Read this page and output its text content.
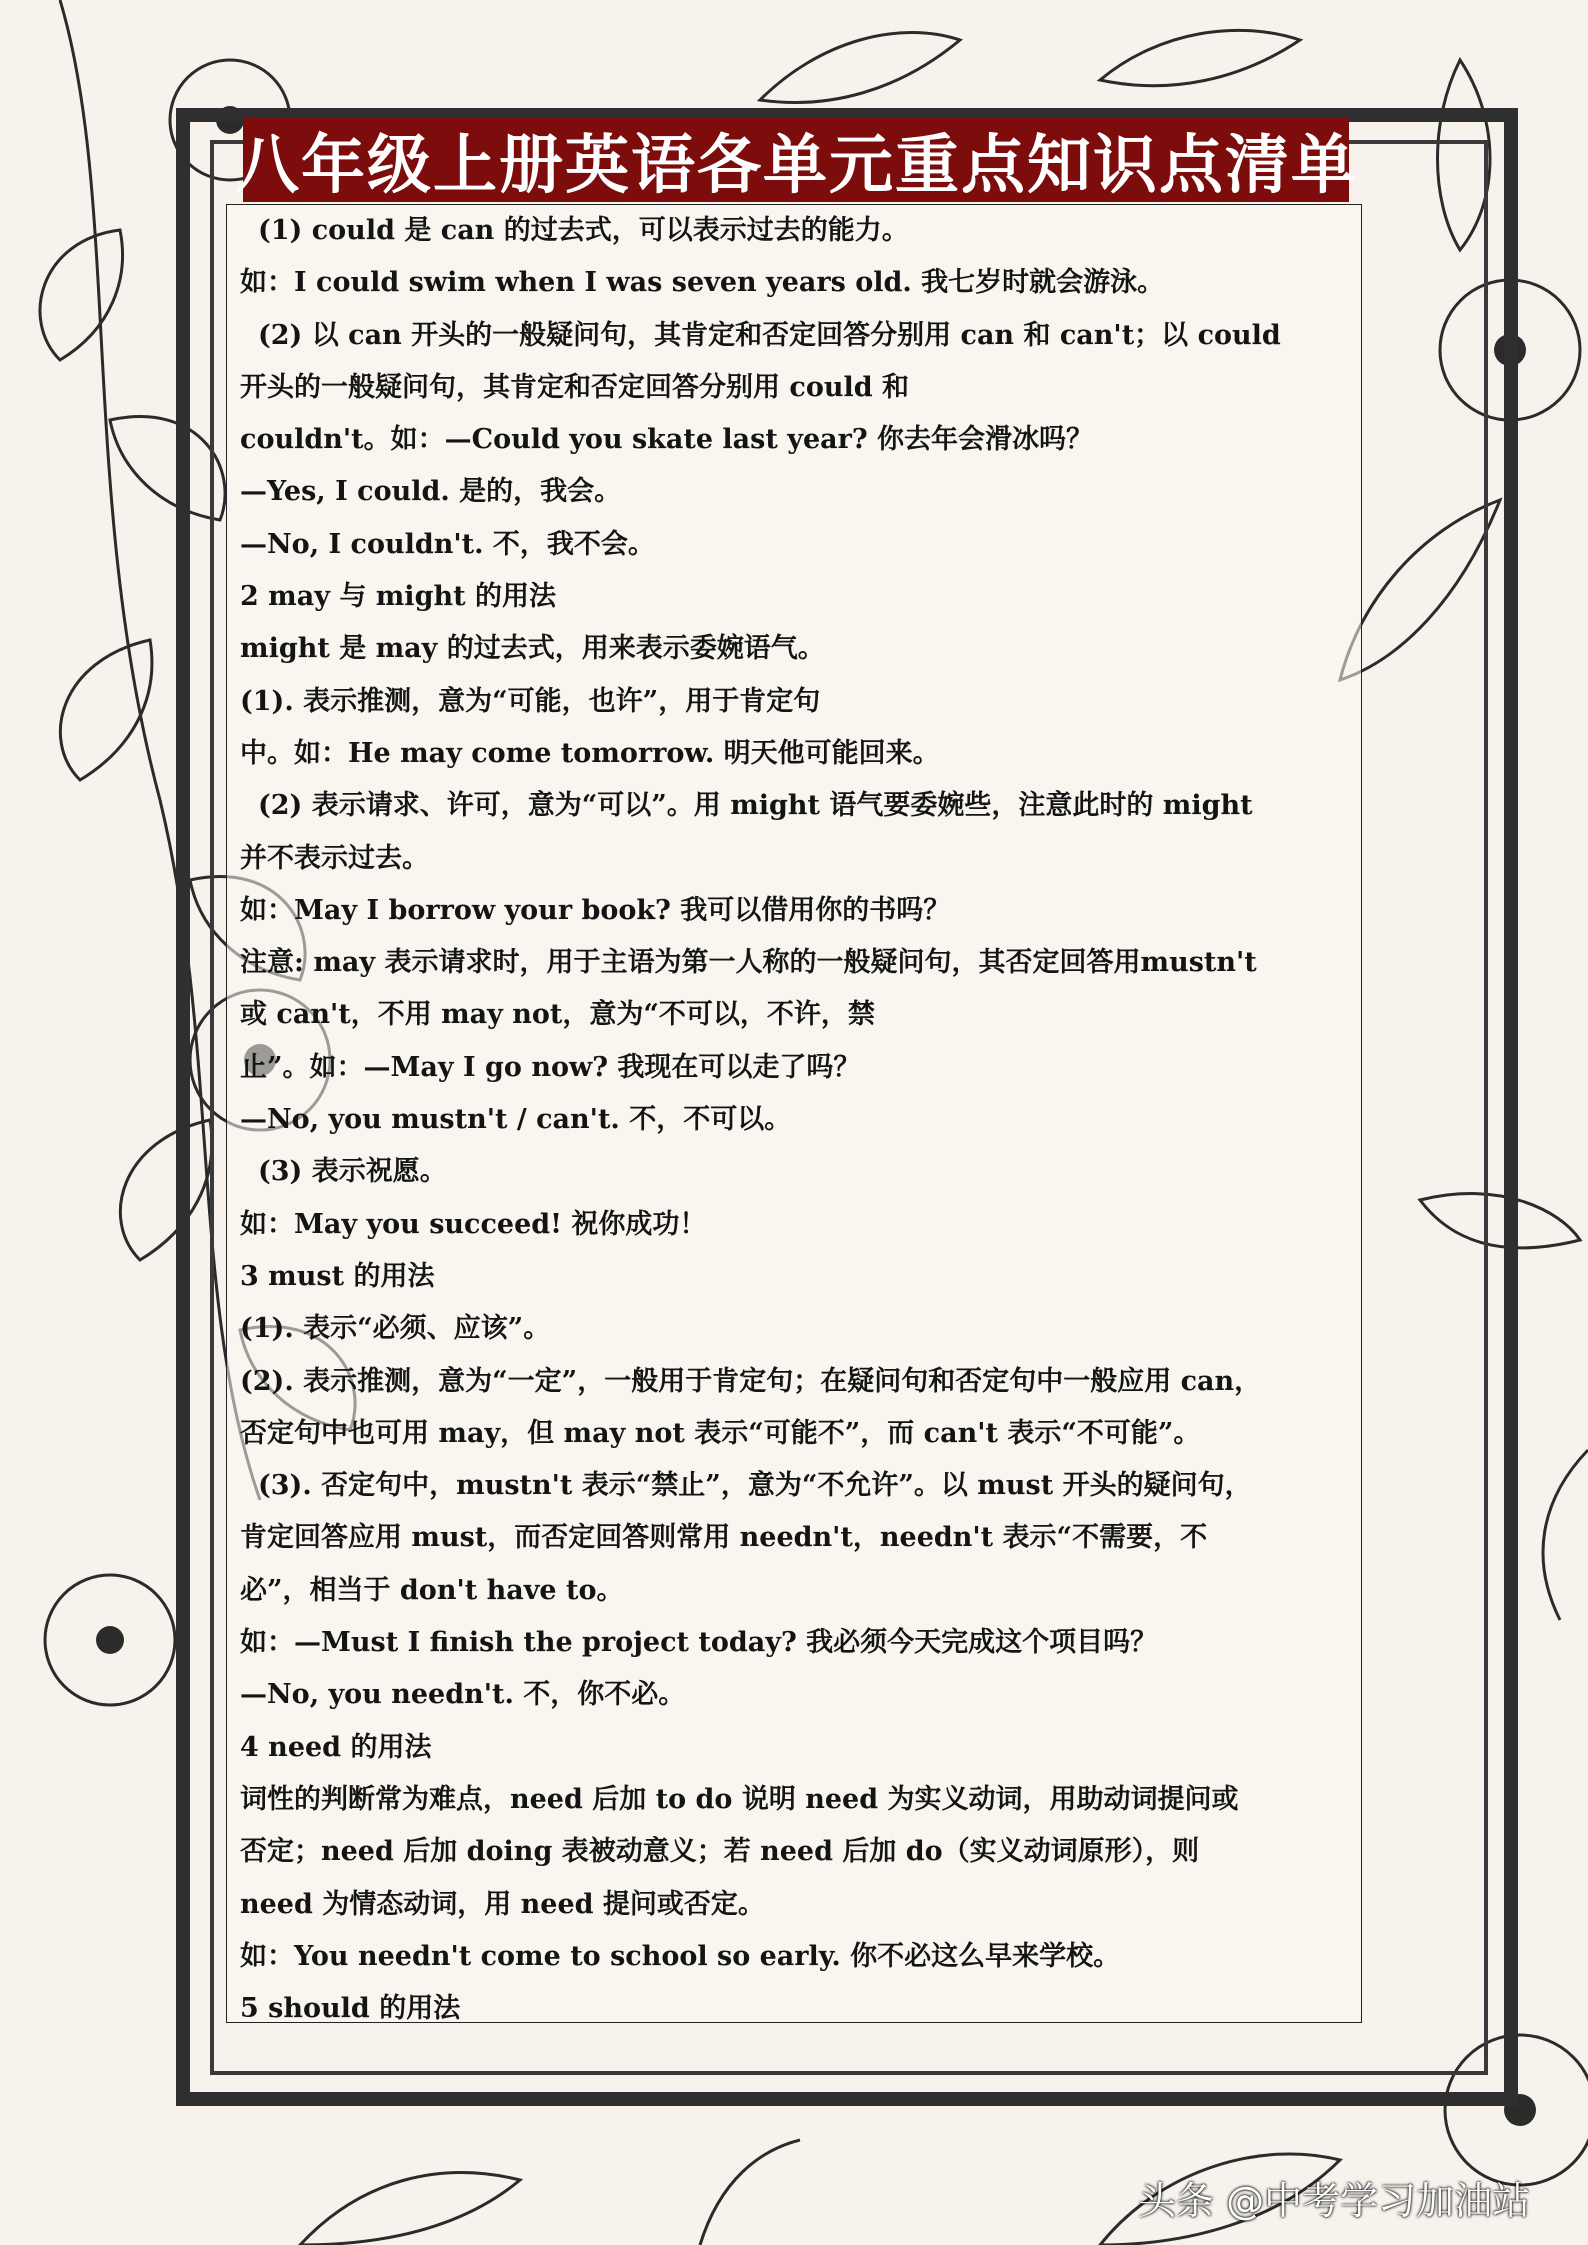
八年级上册英语各单元重点知识点清单
(1) could 是 can 的过去式，可以表示过去的能力。
如：I could swim when I was seven years old. 我七岁时就会游泳。
(2) 以 can 开头的一般疑问句，其肯定和否定回答分别用 can 和 can't；以 could
开头的一般疑问句，其肯定和否定回答分别用 could 和
couldn't。如：—Could you skate last year? 你去年会滑冰吗？
—Yes, I could. 是的，我会。
—No, I couldn't. 不，我不会。
2 may 与 might 的用法
might 是 may 的过去式，用来表示委婉语气。
(1). 表示推测，意为“可能，也许”，用于肯定句
中。如：He may come tomorrow. 明天他可能回来。
(2) 表示请求、许可，意为“可以”。用 might 语气要委婉些，注意此时的 might
并不表示过去。
如：May I borrow your book? 我可以借用你的书吗？
注意: may 表示请求时，用于主语为第一人称的一般疑问句，其否定回答用mustn't
或 can't，不用 may not，意为“不可以，不许，禁
止”。如：—May I go now? 我现在可以走了吗？
—No, you mustn't / can't. 不，不可以。
(3) 表示祝愿。
如：May you succeed! 祝你成功！
3 must 的用法
(1). 表示“必须、应该”。
(2). 表示推测，意为“一定”，一般用于肯定句；在疑问句和否定句中一般应用 can，
否定句中也可用 may，但 may not 表示“可能不”，而 can't 表示“不可能”。
(3). 否定句中，mustn't 表示“禁止”，意为“不允许”。以 must 开头的疑问句，
肯定回答应用 must，而否定回答则常用 needn't，needn't 表示“不需要，不
必”，相当于 don't have to。
如：—Must I finish the project today? 我必须今天完成这个项目吗？
—No, you needn't. 不，你不必。
4 need 的用法
词性的判断常为难点，need 后加 to do 说明 need 为实义动词，用助动词提问或
否定；need 后加 doing 表被动意义；若 need 后加 do（实义动词原形），则
need 为情态动词，用 need 提问或否定。
如：You needn't come to school so early. 你不必这么早来学校。
5 should 的用法
头条 @中考学习加油站
